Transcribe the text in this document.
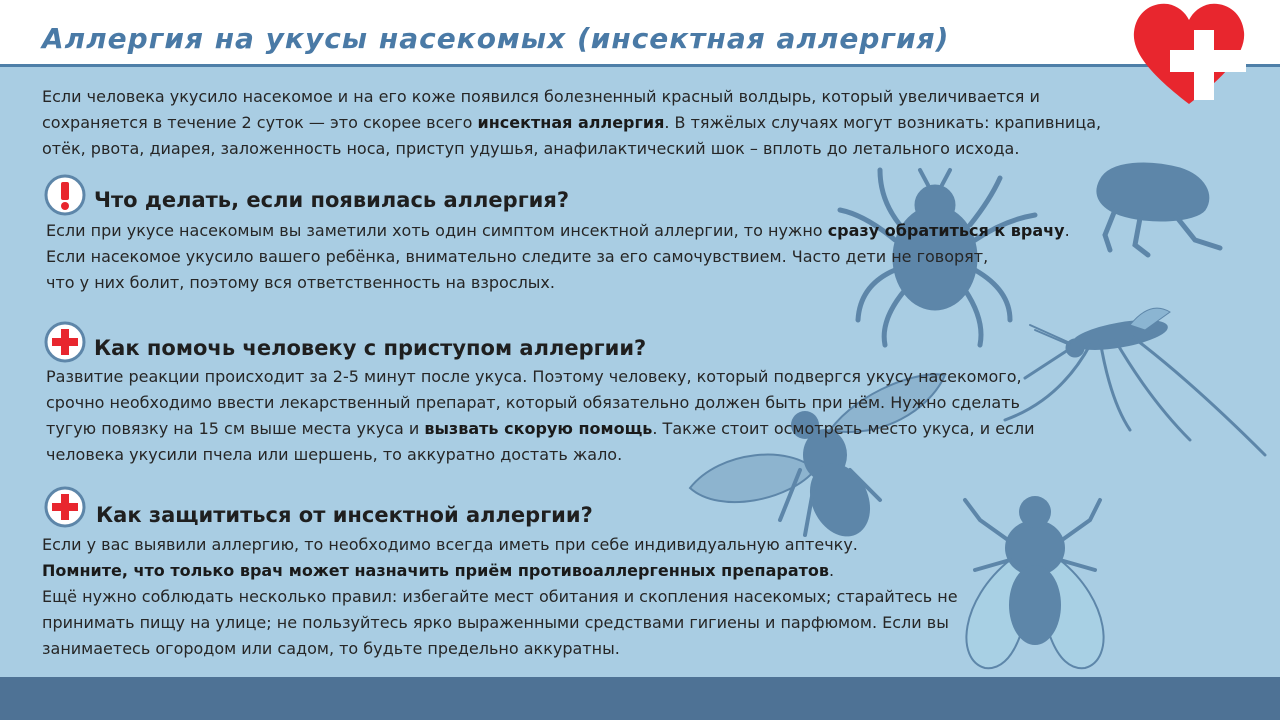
Аллергия на укусы насекомых (инсектная аллергия)
Если человека укусило насекомое и на его коже появился болезненный красный волдырь, который увеличивается и
сохраняется в течение 2 суток — это скорее всего инсектная аллергия. В тяжёлых случаях могут возникать: крапивница,
отёк, рвота, диарея, заложенность носа, приступ удушья, анафилактический шок – вплоть до летального исхода.
Что делать, если появилась аллергия?
Если при укусе насекомым вы заметили хоть один симптом инсектной аллергии, то нужно сразу обратиться к врачу.
Если насекомое укусило вашего ребёнка, внимательно следите за его самочувствием. Часто дети не говорят,
что у них болит, поэтому вся ответственность на взрослых.
Как помочь человеку с приступом аллергии?
Развитие реакции происходит за 2-5 минут после укуса. Поэтому человеку, который подвергся укусу насекомого,
срочно необходимо ввести лекарственный препарат, который обязательно должен быть при нём. Нужно сделать
тугую повязку на 15 см выше места укуса и вызвать скорую помощь. Также стоит осмотреть место укуса, и если
человека укусили пчела или шершень, то аккуратно достать жало.
Как защититься от инсектной аллергии?
Если у вас выявили аллергию, то необходимо всегда иметь при себе индивидуальную аптечку.
Помните, что только врач может назначить приём противоаллергенных препаратов.
Ещё нужно соблюдать несколько правил: избегайте мест обитания и скопления насекомых; старайтесь не
принимать пищу на улице; не пользуйтесь ярко выраженными средствами гигиены и парфюмом. Если вы
занимаетесь огородом или садом, то будьте предельно аккуратны.
